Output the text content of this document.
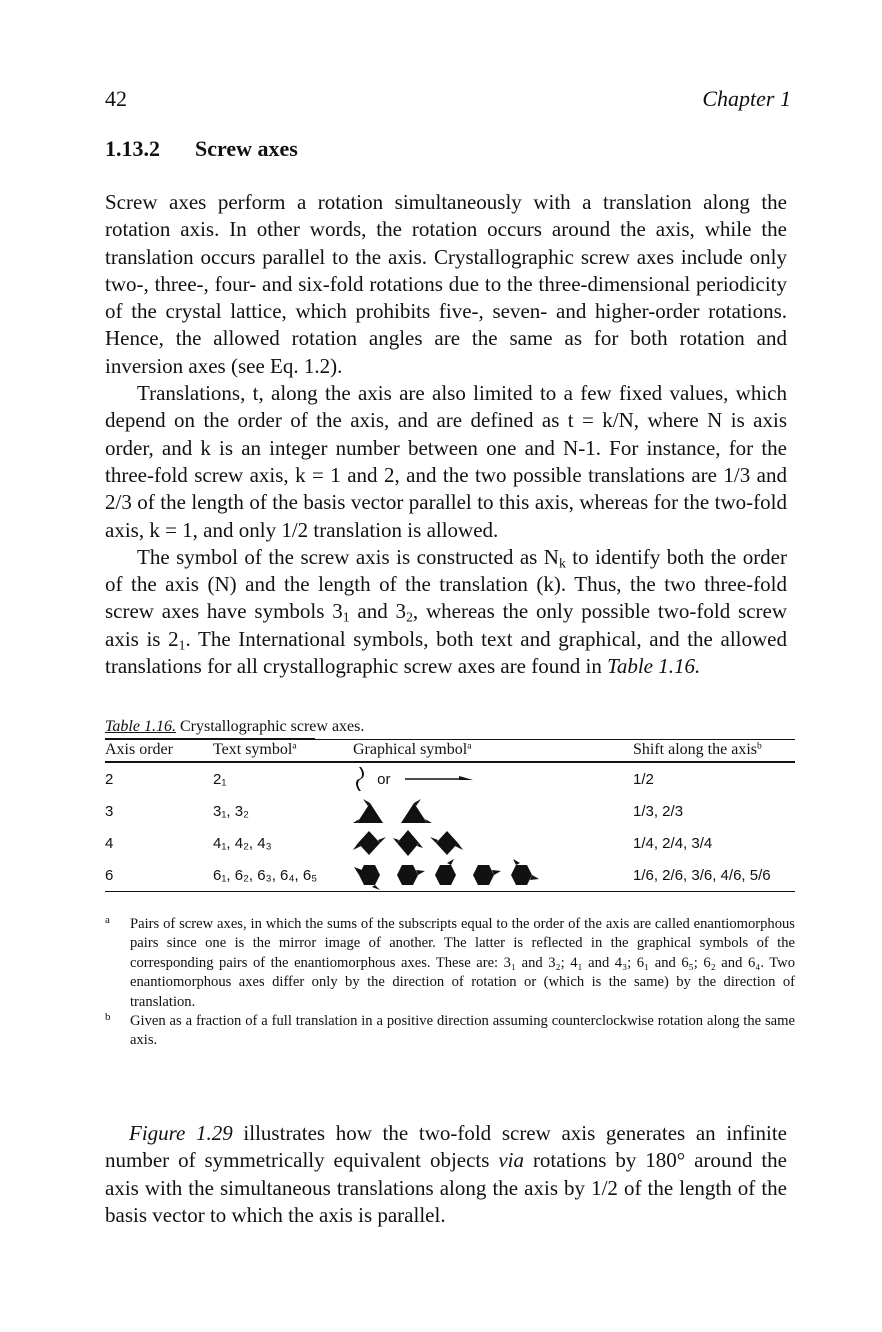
42	Chapter 1
1.13.2 Screw axes

Screw axes perform a rotation simultaneously with a translation along the rotation axis. In other words, the rotation occurs around the axis, while the translation occurs parallel to the axis. Crystallographic screw axes include only two-, three-, four- and six-fold rotations due to the three-dimensional periodicity of the crystal lattice, which prohibits five-, seven- and higher-order rotations. Hence, the allowed rotation angles are the same as for both rotation and inversion axes (see Eq. 1.2).

Translations, t, along the axis are also limited to a few fixed values, which depend on the order of the axis, and are defined as t = k/N, where N is axis order, and k is an integer number between one and N-1. For instance, for the three-fold screw axis, k = 1 and 2, and the two possible translations are 1/3 and 2/3 of the length of the basis vector parallel to this axis, whereas for the two-fold axis, k = 1, and only 1/2 translation is allowed.

The symbol of the screw axis is constructed as $N_k$ to identify both the order of the axis (N) and the length of the translation (k). Thus, the two three-fold screw axes have symbols $3_1$ and $3_2$, whereas the only possible two-fold screw axis is $2_1$. The International symbols, both text and graphical, and the allowed translations for all crystallographic screw axes are found in Table 1.16.

Table 1.16. Crystallographic screw axes.
Axis order	Text symbol$^a$	Graphical symbol$^a$	Shift along the axis$^b$
2	2₁	or	1/2
3	3₁, 3₂		1/3, 2/3
4	4₁, 4₂, 4₃		1/4, 2/4, 3/4
6	6₁, 6₂, 6₃, 6₄, 6₅		1/6, 2/6, 3/6, 4/6, 5/6
a Pairs of screw axes, in which the sums of the subscripts equal to the order of the axis are called enantiomorphous pairs since one is the mirror image of another. The latter is reflected in the graphical symbols of the corresponding pairs of the enantiomorphous axes. These are: 3₁ and 3₂; 4₁ and 4₃; 6₁ and 6₅; 6₂ and 6₄. Two enantiomorphous axes differ only by the direction of rotation or (which is the same) by the direction of translation.
b Given as a fraction of a full translation in a positive direction assuming counterclockwise rotation along the same axis.

Figure 1.29 illustrates how the two-fold screw axis generates an infinite number of symmetrically equivalent objects via rotations by 180° around the axis with the simultaneous translations along the axis by 1/2 of the length of the basis vector to which the axis is parallel.
